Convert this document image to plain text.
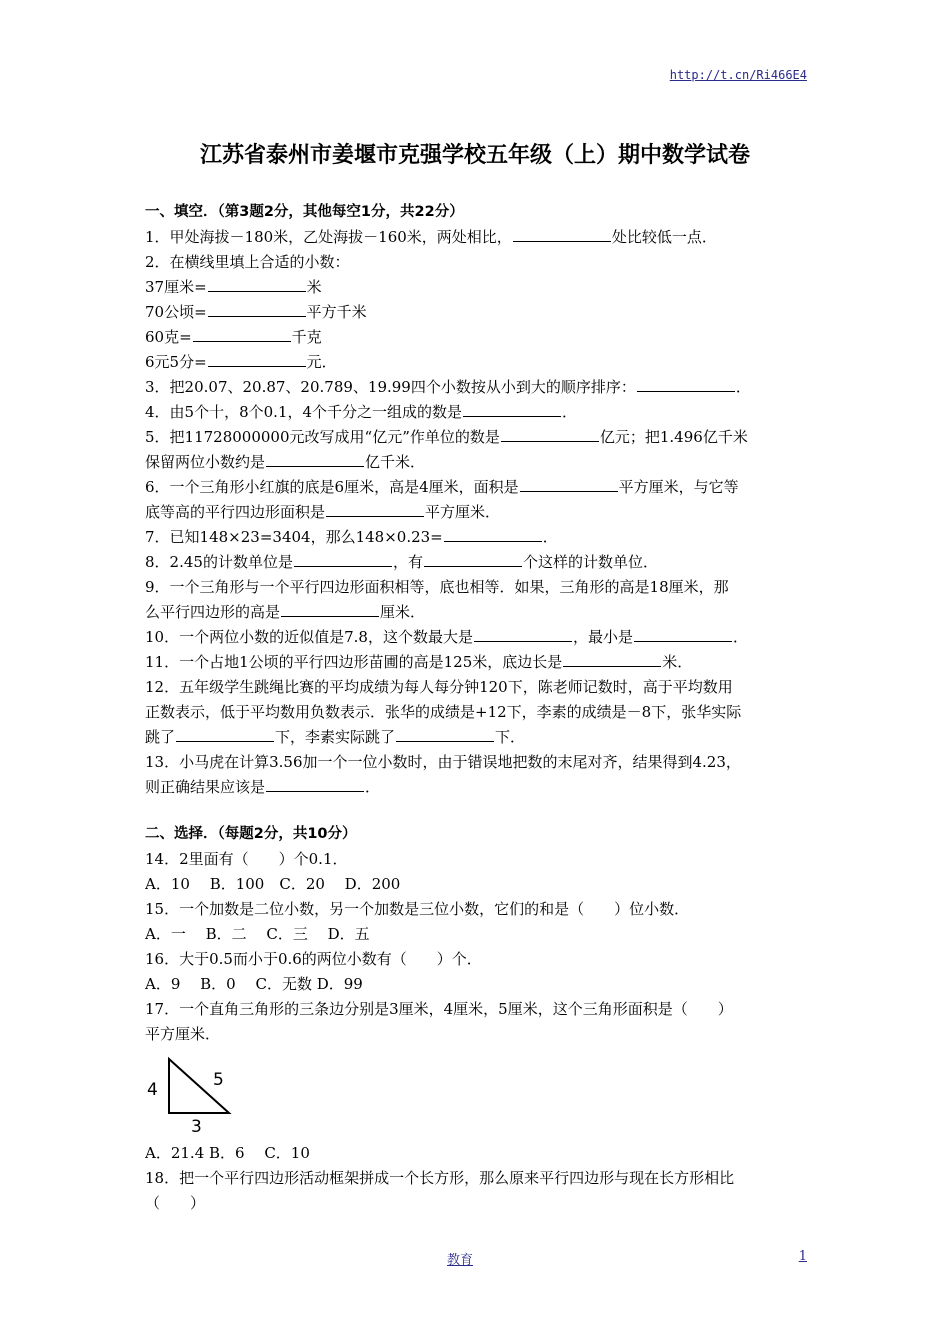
http://t.cn/Ri466E4
江苏省泰州市姜堰市克强学校五年级（上）期中数学试卷
一、填空．（第3题2分，其他每空1分，共22分）
1．甲处海拔－180米，乙处海拔－160米，两处相比，	处比较低一点．
2．在横线里填上合适的小数：
37厘米=	米
70公顷=	平方千米
60克=	千克
6元5分=	元．
3．把20.07、20.87、20.789、19.99四个小数按从小到大的顺序排序：	．
4．由5个十，8个0.1，4个千分之一组成的数是	．
5．把11728000000元改写成用“亿元”作单位的数是	亿元；把1.496亿千米
保留两位小数约是	亿千米．
6．一个三角形小红旗的底是6厘米，高是4厘米，面积是	平方厘米，与它等
底等高的平行四边形面积是	平方厘米．
7．已知148×23=3404，那么148×0.23=	．
8．2.45的计数单位是	，有	个这样的计数单位．
9．一个三角形与一个平行四边形面积相等，底也相等．如果，三角形的高是18厘米，那
么平行四边形的高是	厘米．
10．一个两位小数的近似值是7.8，这个数最大是	，最小是	．
11．一个占地1公顷的平行四边形苗圃的高是125米，底边长是	米．
12．五年级学生跳绳比赛的平均成绩为每人每分钟120下，陈老师记数时，高于平均数用
正数表示，低于平均数用负数表示．张华的成绩是+12下，李素的成绩是－8下，张华实际
跳了	下，李素实际跳了	下．
13．小马虎在计算3.56加一个一位小数时，由于错误地把数的末尾对齐，结果得到4.23，
则正确结果应该是	．
二、选择．（每题2分，共10分）
14．2里面有（　　）个0.1．
A．10　 B．100　C．20　 D．200
15．一个加数是二位小数，另一个加数是三位小数，它们的和是（　　）位小数．
A．一　 B．二　 C．三　 D．五
16．大于0.5而小于0.6的两位小数有（　　）个．
A．9　 B．0　 C．无数 D．99
17．一个直角三角形的三条边分别是3厘米，4厘米，5厘米，这个三角形面积是（　　）
平方厘米．
4	5
3
A．21.4 B．6　 C．10
18．把一个平行四边形活动框架拼成一个长方形，那么原来平行四边形与现在长方形相比
（　　）
教育	1
